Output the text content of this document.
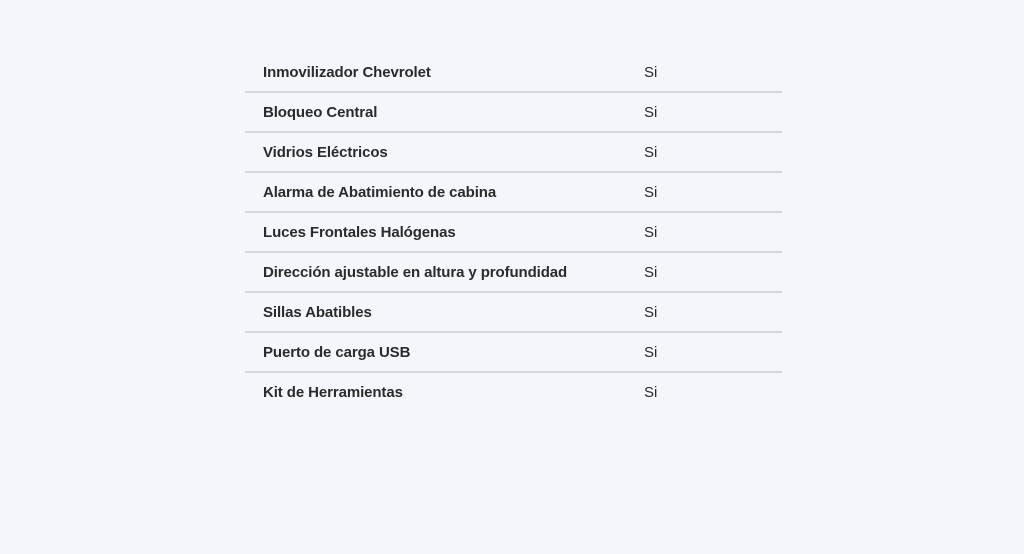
Inmovilizador Chevrolet	Si
Bloqueo Central	Si
Vidrios Eléctricos	Si
Alarma de Abatimiento de cabina	Si
Luces Frontales Halógenas	Si
Dirección ajustable en altura y profundidad	Si
Sillas Abatibles	Si
Puerto de carga USB	Si
Kit de Herramientas	Si
